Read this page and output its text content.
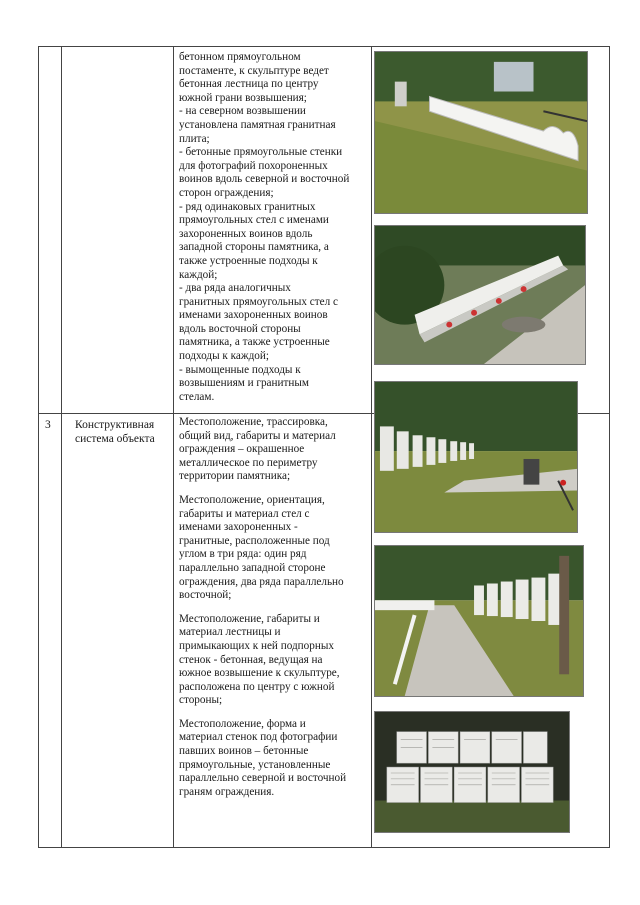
бетонном прямоугольном
постаменте, к скульптуре ведет
бетонная лестница по центру
южной грани возвышения;
- на северном возвышении
установлена памятная гранитная
плита;
- бетонные прямоугольные стенки
для фотографий похороненных
воинов вдоль северной и восточной
сторон ограждения;
- ряд одинаковых гранитных
прямоугольных стел с именами
захороненных воинов вдоль
западной стороны памятника, а
также устроенные подходы к
каждой;
- два ряда аналогичных
гранитных прямоугольных стел с
именами захороненных воинов
вдоль восточной стороны
памятника, а также устроенные
подходы к каждой;
- вымощенные подходы к
возвышениям и гранитным
стелам.
3 Конструктивная
система объекта

Местоположение, трассировка,
общий вид, габариты и материал
ограждения – окрашенное
металлическое по периметру
территории памятника;

Местоположение, ориентация,
габариты и материал стел с
именами захороненных -
гранитные, расположенные под
углом в три ряда: один ряд
параллельно западной стороне
ограждения, два ряда параллельно
восточной;

Местоположение, габариты и
материал лестницы и
примыкающих к ней подпорных
стенок - бетонная, ведущая на
южное возвышение к скульптуре,
расположена по центру с южной
стороны;

Местоположение, форма и
материал стенок под фотографии
павших воинов – бетонные
прямоугольные, установленные
параллельно северной и восточной
граням ограждения.
